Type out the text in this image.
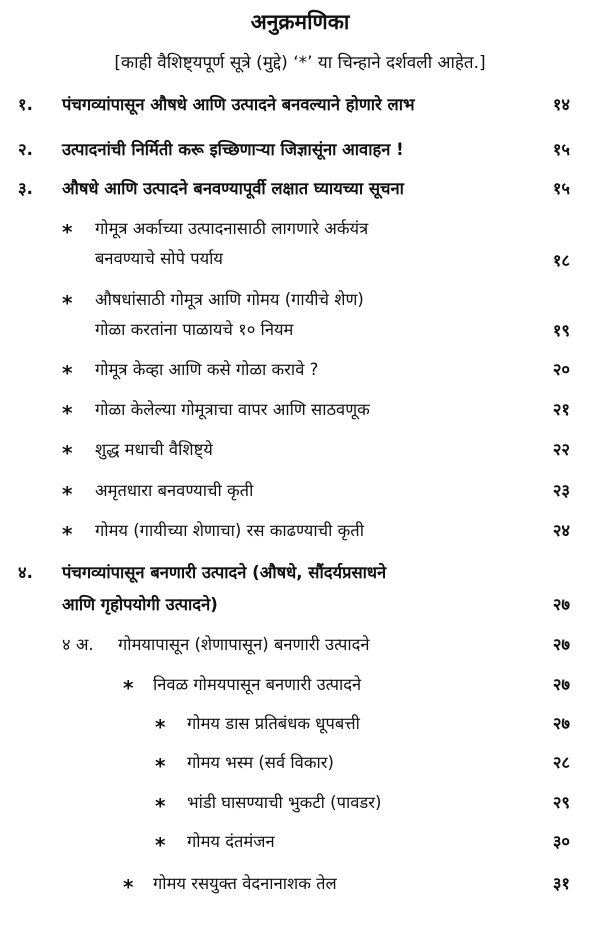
अनुक्रमणिका
[काही वैशिष्ट्यपूर्ण सूत्रे (मुद्दे) ‘*’ या चिन्हाने दर्शवली आहेत.]
१. पंचगव्यांपासून औषधे आणि उत्पादने बनवल्याने होणारे लाभ	१४
२. उत्पादनांची निर्मिती करू इच्छिणाऱ्या जिज्ञासूंना आवाहन !	१५
३. औषधे आणि उत्पादने बनवण्यापूर्वी लक्षात घ्यायच्या सूचना	१५
* गोमूत्र अर्काच्या उत्पादनासाठी लागणारे अर्कयंत्र
बनवण्याचे सोपे पर्याय	१८
* औषधांसाठी गोमूत्र आणि गोमय (गायीचे शेण)
गोळा करतांना पाळायचे १० नियम	१९
* गोमूत्र केव्हा आणि कसे गोळा करावे ?	२०
* गोळा केलेल्या गोमूत्राचा वापर आणि साठवणूक	२१
* शुद्ध मधाची वैशिष्ट्ये	२२
* अमृतधारा बनवण्याची कृती	२३
* गोमय (गायीच्या शेणाचा) रस काढण्याची कृती	२४
४. पंचगव्यांपासून बनणारी उत्पादने (औषधे, सौंदर्यप्रसाधने
आणि गृहोपयोगी उत्पादने)	२७
४ अ. गोमयापासून (शेणापासून) बनणारी उत्पादने	२७
* निवळ गोमयपासून बनणारी उत्पादने	२७
* गोमय डास प्रतिबंधक धूपबत्ती	२७
* गोमय भस्म (सर्व विकार)	२८
* भांडी घासण्याची भुकटी (पावडर)	२९
* गोमय दंतमंजन	३०
* गोमय रसयुक्त वेदनानाशक तेल	३१
